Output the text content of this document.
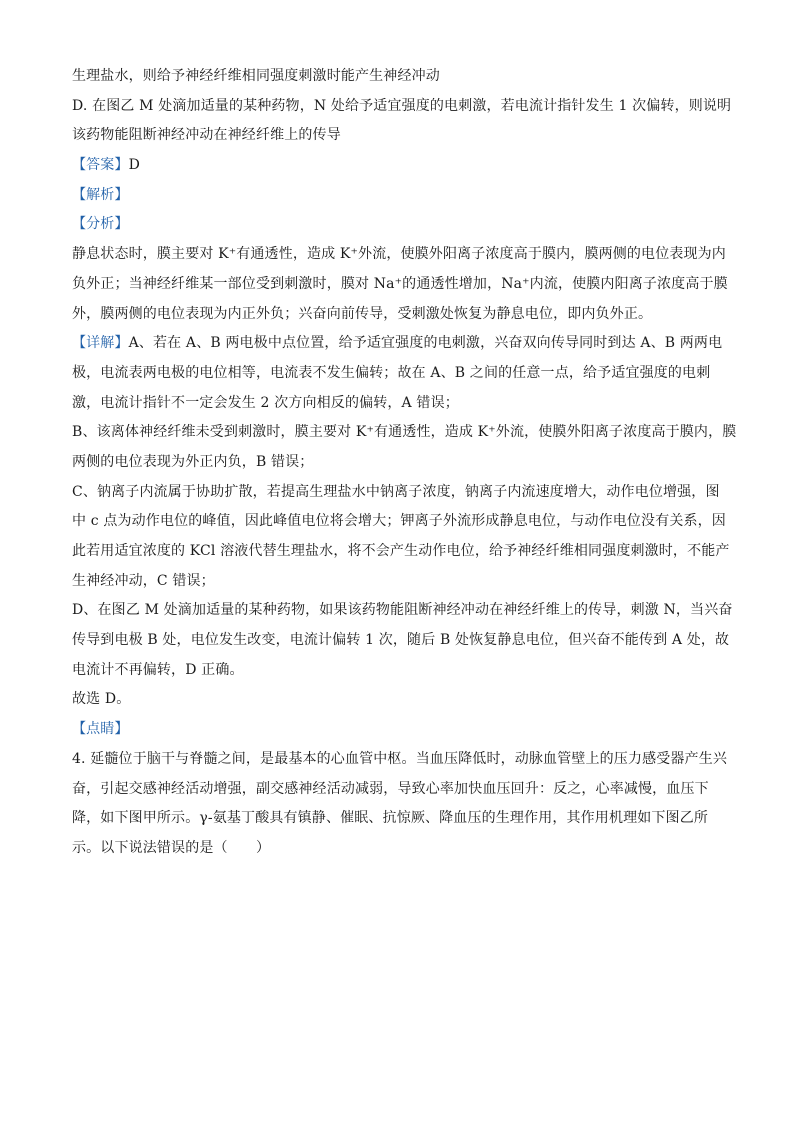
生理盐水，则给予神经纤维相同强度刺激时能产生神经冲动
D. 在图乙 M 处滴加适量的某种药物，N 处给予适宜强度的电刺激，若电流计指针发生 1 次偏转，则说明
该药物能阻断神经冲动在神经纤维上的传导
【答案】D
【解析】
【分析】
静息状态时，膜主要对 K⁺有通透性，造成 K⁺外流，使膜外阳离子浓度高于膜内，膜两侧的电位表现为内
负外正；当神经纤维某一部位受到刺激时，膜对 Na⁺的通透性增加，Na⁺内流，使膜内阳离子浓度高于膜
外，膜两侧的电位表现为内正外负；兴奋向前传导，受刺激处恢复为静息电位，即内负外正。
【详解】A、若在 A、B 两电极中点位置，给予适宜强度的电刺激，兴奋双向传导同时到达 A、B 两两电
极，电流表两电极的电位相等，电流表不发生偏转；故在 A、B 之间的任意一点，给予适宜强度的电刺
激，电流计指针不一定会发生 2 次方向相反的偏转，A 错误；
B、该离体神经纤维未受到刺激时，膜主要对 K⁺有通透性，造成 K⁺外流，使膜外阳离子浓度高于膜内，膜
两侧的电位表现为外正内负，B 错误；
C、钠离子内流属于协助扩散，若提高生理盐水中钠离子浓度，钠离子内流速度增大，动作电位增强，图
中 c 点为动作电位的峰值，因此峰值电位将会增大；钾离子外流形成静息电位，与动作电位没有关系，因
此若用适宜浓度的 KCl 溶液代替生理盐水，将不会产生动作电位，给予神经纤维相同强度刺激时，不能产
生神经冲动，C 错误；
D、在图乙 M 处滴加适量的某种药物，如果该药物能阻断神经冲动在神经纤维上的传导，刺激 N，当兴奋
传导到电极 B 处，电位发生改变，电流计偏转 1 次，随后 B 处恢复静息电位，但兴奋不能传到 A 处，故
电流计不再偏转，D 正确。
故选 D。
【点睛】
4. 延髓位于脑干与脊髓之间，是最基本的心血管中枢。当血压降低时，动脉血管壁上的压力感受器产生兴
奋，引起交感神经活动增强，副交感神经活动减弱，导致心率加快血压回升：反之，心率减慢，血压下
降，如下图甲所示。γ-氨基丁酸具有镇静、催眠、抗惊厥、降血压的生理作用，其作用机理如下图乙所
示。以下说法错误的是（　　）
